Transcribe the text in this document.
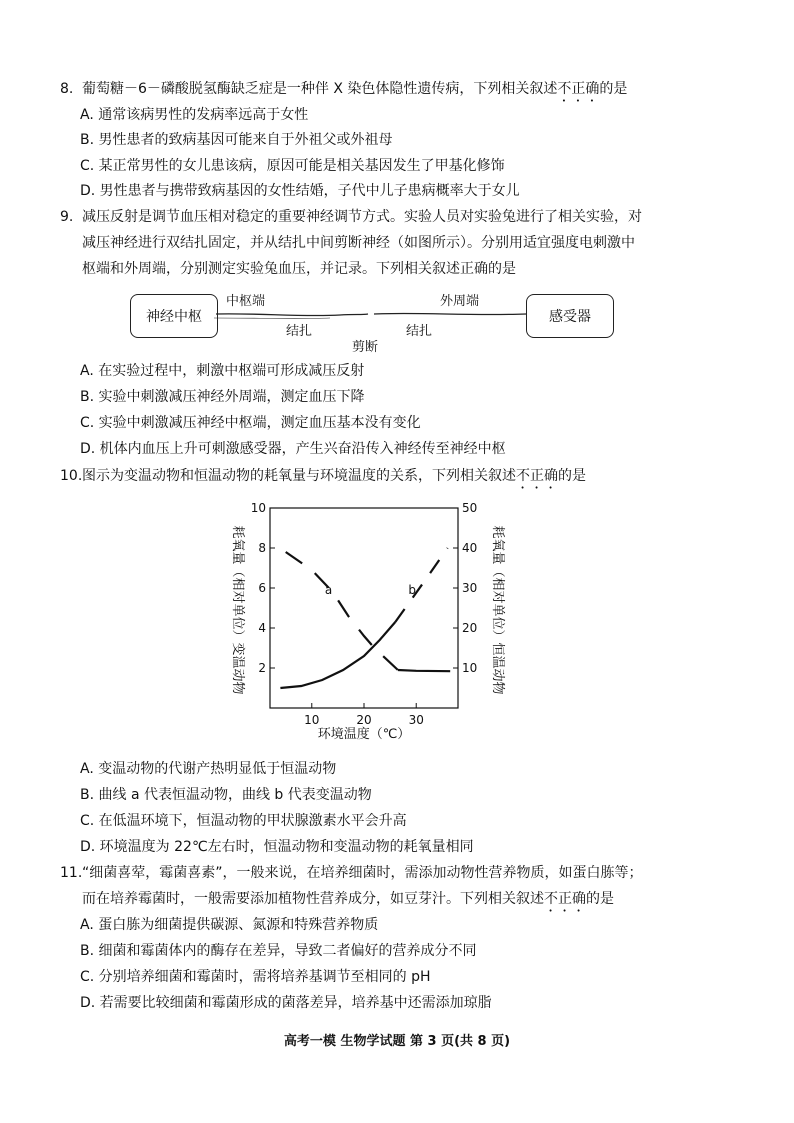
8. 葡萄糖－6－磷酸脱氢酶缺乏症是一种伴 X 染色体隐性遗传病，下列相关叙述不正确的是
A. 通常该病男性的发病率远高于女性
B. 男性患者的致病基因可能来自于外祖父或外祖母
C. 某正常男性的女儿患该病，原因可能是相关基因发生了甲基化修饰
D. 男性患者与携带致病基因的女性结婚，子代中儿子患病概率大于女儿
9. 减压反射是调节血压相对稳定的重要神经调节方式。实验人员对实验兔进行了相关实验，对
减压神经进行双结扎固定，并从结扎中间剪断神经（如图所示）。分别用适宜强度电刺激中
枢端和外周端，分别测定实验兔血压，并记录。下列相关叙述正确的是
神经中枢	感受器
中枢端	外周端
结扎	结扎
剪断
A. 在实验过程中，刺激中枢端可形成减压反射
B. 实验中刺激减压神经外周端，测定血压下降
C. 实验中刺激减压神经中枢端，测定血压基本没有变化
D. 机体内血压上升可刺激感受器，产生兴奋沿传入神经传至神经中枢
10.图示为变温动物和恒温动物的耗氧量与环境温度的关系，下列相关叙述不正确的是
10	20	30
2
4
6
8
10
10
20
30
40
50
a	b
耗氧量（相对单位）变温动物	耗氧量（相对单位）恒温动物
环境温度（℃）
A. 变温动物的代谢产热明显低于恒温动物
B. 曲线 a 代表恒温动物，曲线 b 代表变温动物
C. 在低温环境下，恒温动物的甲状腺激素水平会升高
D. 环境温度为 22℃左右时，恒温动物和变温动物的耗氧量相同
11.“细菌喜荤，霉菌喜素”，一般来说，在培养细菌时，需添加动物性营养物质，如蛋白胨等；
而在培养霉菌时，一般需要添加植物性营养成分，如豆芽汁。下列相关叙述不正确的是
A. 蛋白胨为细菌提供碳源、氮源和特殊营养物质
B. 细菌和霉菌体内的酶存在差异，导致二者偏好的营养成分不同
C. 分别培养细菌和霉菌时，需将培养基调节至相同的 pH
D. 若需要比较细菌和霉菌形成的菌落差异，培养基中还需添加琼脂
高考一模 生物学试题 第 3 页(共 8 页)
